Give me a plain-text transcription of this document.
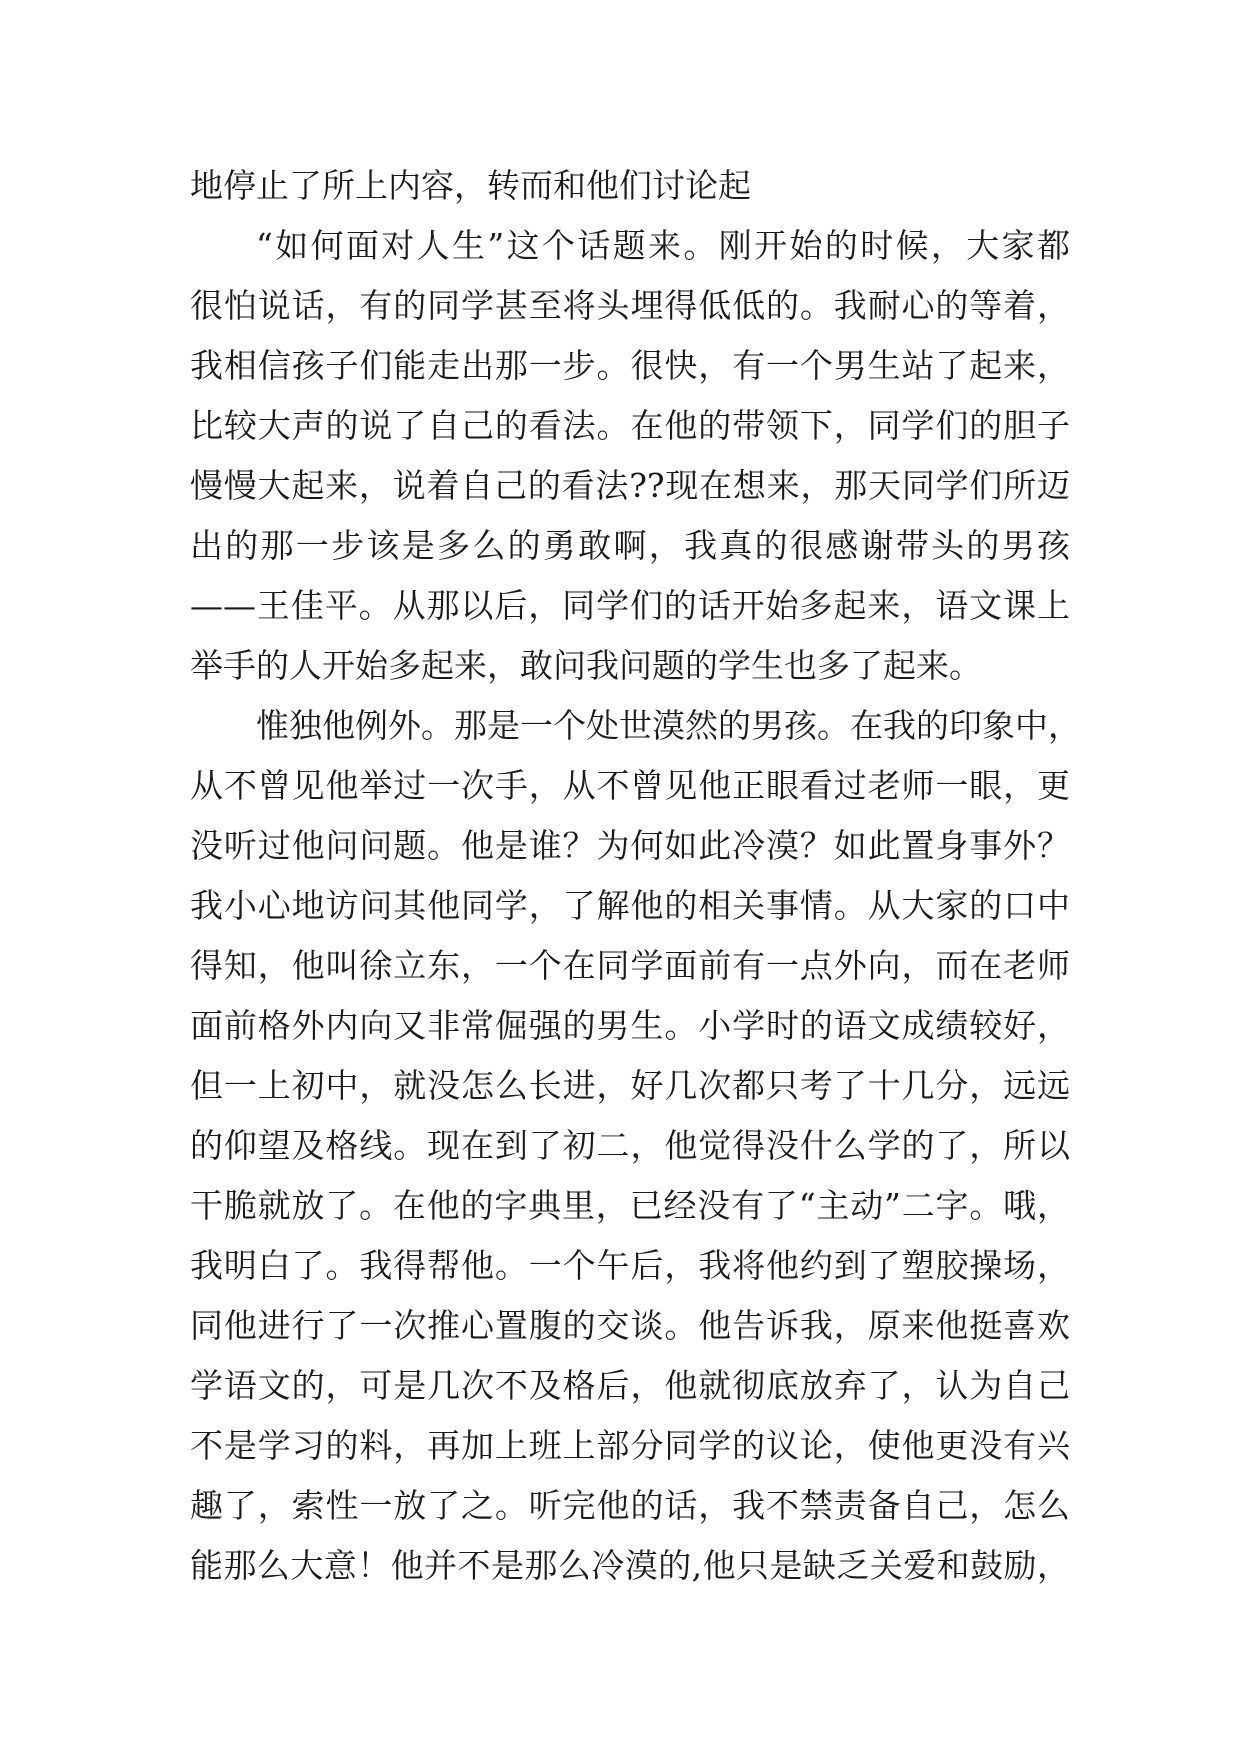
地停止了所上内容，转而和他们讨论起
“如何面对人生”这个话题来。刚开始的时候，大家都
很怕说话，有的同学甚至将头埋得低低的。我耐心的等着，
我相信孩子们能走出那一步。很快，有一个男生站了起来，
比较大声的说了自己的看法。在他的带领下，同学们的胆子
慢慢大起来，说着自己的看法??现在想来，那天同学们所迈
出的那一步该是多么的勇敢啊，我真的很感谢带头的男孩
——王佳平。从那以后，同学们的话开始多起来，语文课上
举手的人开始多起来，敢问我问题的学生也多了起来。
惟独他例外。那是一个处世漠然的男孩。在我的印象中，
从不曾见他举过一次手，从不曾见他正眼看过老师一眼，更
没听过他问问题。他是谁？为何如此冷漠？如此置身事外？
我小心地访问其他同学，了解他的相关事情。从大家的口中
得知，他叫徐立东，一个在同学面前有一点外向，而在老师
面前格外内向又非常倔强的男生。小学时的语文成绩较好，
但一上初中，就没怎么长进，好几次都只考了十几分，远远
的仰望及格线。现在到了初二，他觉得没什么学的了，所以
干脆就放了。在他的字典里，已经没有了“主动”二字。哦，
我明白了。我得帮他。一个午后，我将他约到了塑胶操场，
同他进行了一次推心置腹的交谈。他告诉我，原来他挺喜欢
学语文的，可是几次不及格后，他就彻底放弃了，认为自己
不是学习的料，再加上班上部分同学的议论，使他更没有兴
趣了，索性一放了之。听完他的话，我不禁责备自己，怎么
能那么大意！他并不是那么冷漠的,他只是缺乏关爱和鼓励，
